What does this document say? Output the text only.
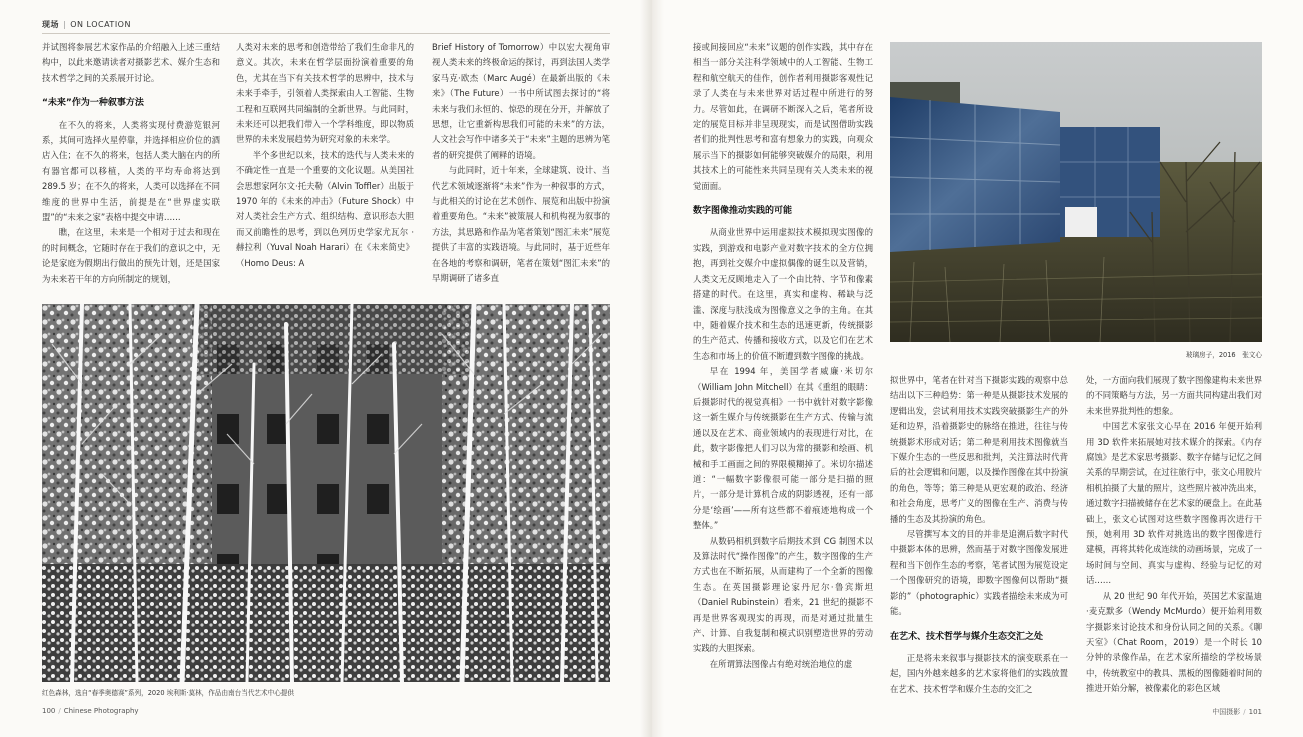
现场 | ON LOCATION

并试图将参展艺术家作品的介绍融入上述三重结构中，以此来邀请读者对摄影艺术、媒介生态和技术哲学之间的关系展开讨论。

“未来”作为一种叙事方法

在不久的将来，人类将实现付费游览银河系，其间可选择火星停靠，并选择相应价位的酒店入住；在不久的将来，包括人类大脑在内的所有器官都可以移植，人类的平均寿命将达到 289.5 岁；在不久的将来，人类可以选择在不同维度的世界中生活，前提是在“世界虚实联盟”的“未来之家”表格中提交申请……

瞧，在这里，未来是一个相对于过去和现在的时间概念，它随时存在于我们的意识之中，无论是家庭为假期出行做出的预先计划，还是国家为未来若干年的方向所制定的规划，

人类对未来的思考和创造带给了我们生命非凡的意义。其次，未来在哲学层面扮演着重要的角色，尤其在当下有关技术哲学的思辨中，技术与未来手牵手，引领着人类探索由人工智能、生物工程和互联网共同编制的全新世界。与此同时，未来还可以把我们带入一个学科维度，即以物质世界的未来发展趋势为研究对象的未来学。

半个多世纪以来，技术的迭代与人类未来的不确定性一直是一个重要的文化议题。从美国社会思想家阿尔文·托夫勒（Alvin Toffler）出版于 1970 年的《未来的冲击》（Future Shock）中对人类社会生产方式、组织结构、意识形态大胆而又前瞻性的思考，到以色列历史学家尤瓦尔 · 赫拉利（Yuval Noah Harari）在《未来简史》（Homo Deus: A

Brief History of Tomorrow）中以宏大视角审视人类未来的终极命运的探讨，再到法国人类学家马克·欧杰（Marc Augé）在最新出版的《未来》（The Future）一书中所试图去探讨的“将未来与我们永恒的、惊恐的现在分开，并解放了思想，让它重新构思我们可能的未来”的方法，人文社会写作中诸多关于“未来”主题的思辨为笔者的研究提供了阐释的语境。

与此同时，近十年来，全球建筑、设计、当代艺术领域逐渐将“未来”作为一种叙事的方式，与此相关的讨论在艺术创作、展览和出版中扮演着重要角色。“未来”被策展人和机构视为叙事的方法，其思路和作品为笔者策划“图汇未来”展览提供了丰富的实践语境。与此同时，基于近些年在各地的考察和调研，笔者在策划“图汇未来”的早期调研了诸多直

红色森林，选自“春季奥德赛”系列，2020 埃利斯·莫林，作品由南台当代艺术中心提供
100 / Chinese Photography

接或间接回应“未来”议题的创作实践，其中存在相当一部分关注科学领域中的人工智能、生物工程和航空航天的佳作，创作者利用摄影客观性记录了人类在与未来世界对话过程中所进行的努力。尽管如此，在调研不断深入之后，笔者所设定的展览目标并非呈现现实，而是试图借助实践者们的批判性思考和富有想象力的实践，向观众展示当下的摄影如何能够突破媒介的局限，利用其技术上的可能性来共同呈现有关人类未来的视觉面面。

数字图像推动实践的可能

从商业世界中运用虚拟技术模拟现实图像的实践，到游戏和电影产业对数字技术的全方位拥抱，再到社交媒介中虚拟偶像的诞生以及营销，人类文无反顾地走入了一个由比特、字节和像素搭建的时代。在这里，真实和虚构、稀缺与泛滥、深度与肤浅成为图像意义之争的主角。在其中，随着媒介技术和生态的迅速更新，传统摄影的生产范式、传播和接收方式，以及它们在艺术生态和市场上的价值不断遭到数字图像的挑战。

早在 1994 年，美国学者威廉·米切尔（William John Mitchell）在其《重组的眼睛：后摄影时代的视觉真相》一书中就针对数字影像这一新生媒介与传统摄影在生产方式、传输与流通以及在艺术、商业领域内的表现进行对比，在此，数字影像把人们习以为常的摄影和绘画、机械和手工画面之间的界限模糊掉了。米切尔描述道：“一幅数字影像很可能一部分是扫描的照片，一部分是计算机合成的阴影透视，还有一部分是‘绘画’——所有这些都不着痕迹地构成一个整体。”

从数码相机到数字后期技术到 CG 制图术以及算法时代“操作图像”的产生，数字图像的生产方式也在不断拓展，从而建构了一个全新的图像生态。在英国摄影理论家丹尼尔·鲁宾斯坦（Daniel Rubinstein）看来，21 世纪的摄影不再是世界客观现实的再现，而是对通过批量生产、计算、自我复制和模式识别塑造世界的劳动实践的大胆探索。

在所谓算法图像占有绝对统治地位的虚

玻璃房子，2016　张文心

拟世界中，笔者在针对当下摄影实践的观察中总结出以下三种趋势：第一种是从摄影技术发展的逻辑出发，尝试利用技术实践突破摄影生产的外延和边界，沿着摄影史的脉络在推进，往往与传统摄影术形成对话；第二种是利用技术图像就当下媒介生态的一些反思和批判，关注算法时代背后的社会逻辑和问题，以及操作图像在其中扮演的角色，等等；第三种是从更宏观的政治、经济和社会角度，思考广义的图像在生产、消费与传播的生态及其扮演的角色。

尽管撰写本文的目的并非是追溯后数字时代中摄影本体的思辨，然而基于对数字图像发展进程和当下创作生态的考察，笔者试图为展览设定一个图像研究的语境，即数字图像何以帮助“摄影的”（photographic）实践者描绘未来成为可能。

在艺术、技术哲学与媒介生态交汇之处

正是将未来叙事与摄影技术的演变联系在一起，国内外越来越多的艺术家将他们的实践放置在艺术、技术哲学和媒介生态的交汇之

处，一方面向我们展现了数字图像建构未来世界的不同策略与方法，另一方面共同构建出我们对未来世界批判性的想象。

中国艺术家张文心早在 2016 年便开始利用 3D 软件来拓展她对技术媒介的探索。《内存腐蚀》是艺术家思考摄影、数字存储与记忆之间关系的早期尝试，在过往旅行中，张文心用胶片相机拍摄了大量的照片，这些照片被冲洗出来，通过数字扫描被储存在艺术家的硬盘上。在此基础上，张文心试图对这些数字图像再次进行干预，她利用 3D 软件对挑选出的数字图像进行建模，再将其转化成连续的动画场景，完成了一场时间与空间、真实与虚构、经验与记忆的对话……

从 20 世纪 90 年代开始，英国艺术家温迪·麦克默多（Wendy McMurdo）便开始利用数字摄影来讨论技术和身份认同之间的关系。《聊天室》（Chat Room，2019）是一个时长 10 分钟的录像作品，在艺术家所描绘的学校场景中，传统教室中的教具、黑板的图像随着时间的推进开始分解，被像素化的彩色区域

中国摄影 / 101
